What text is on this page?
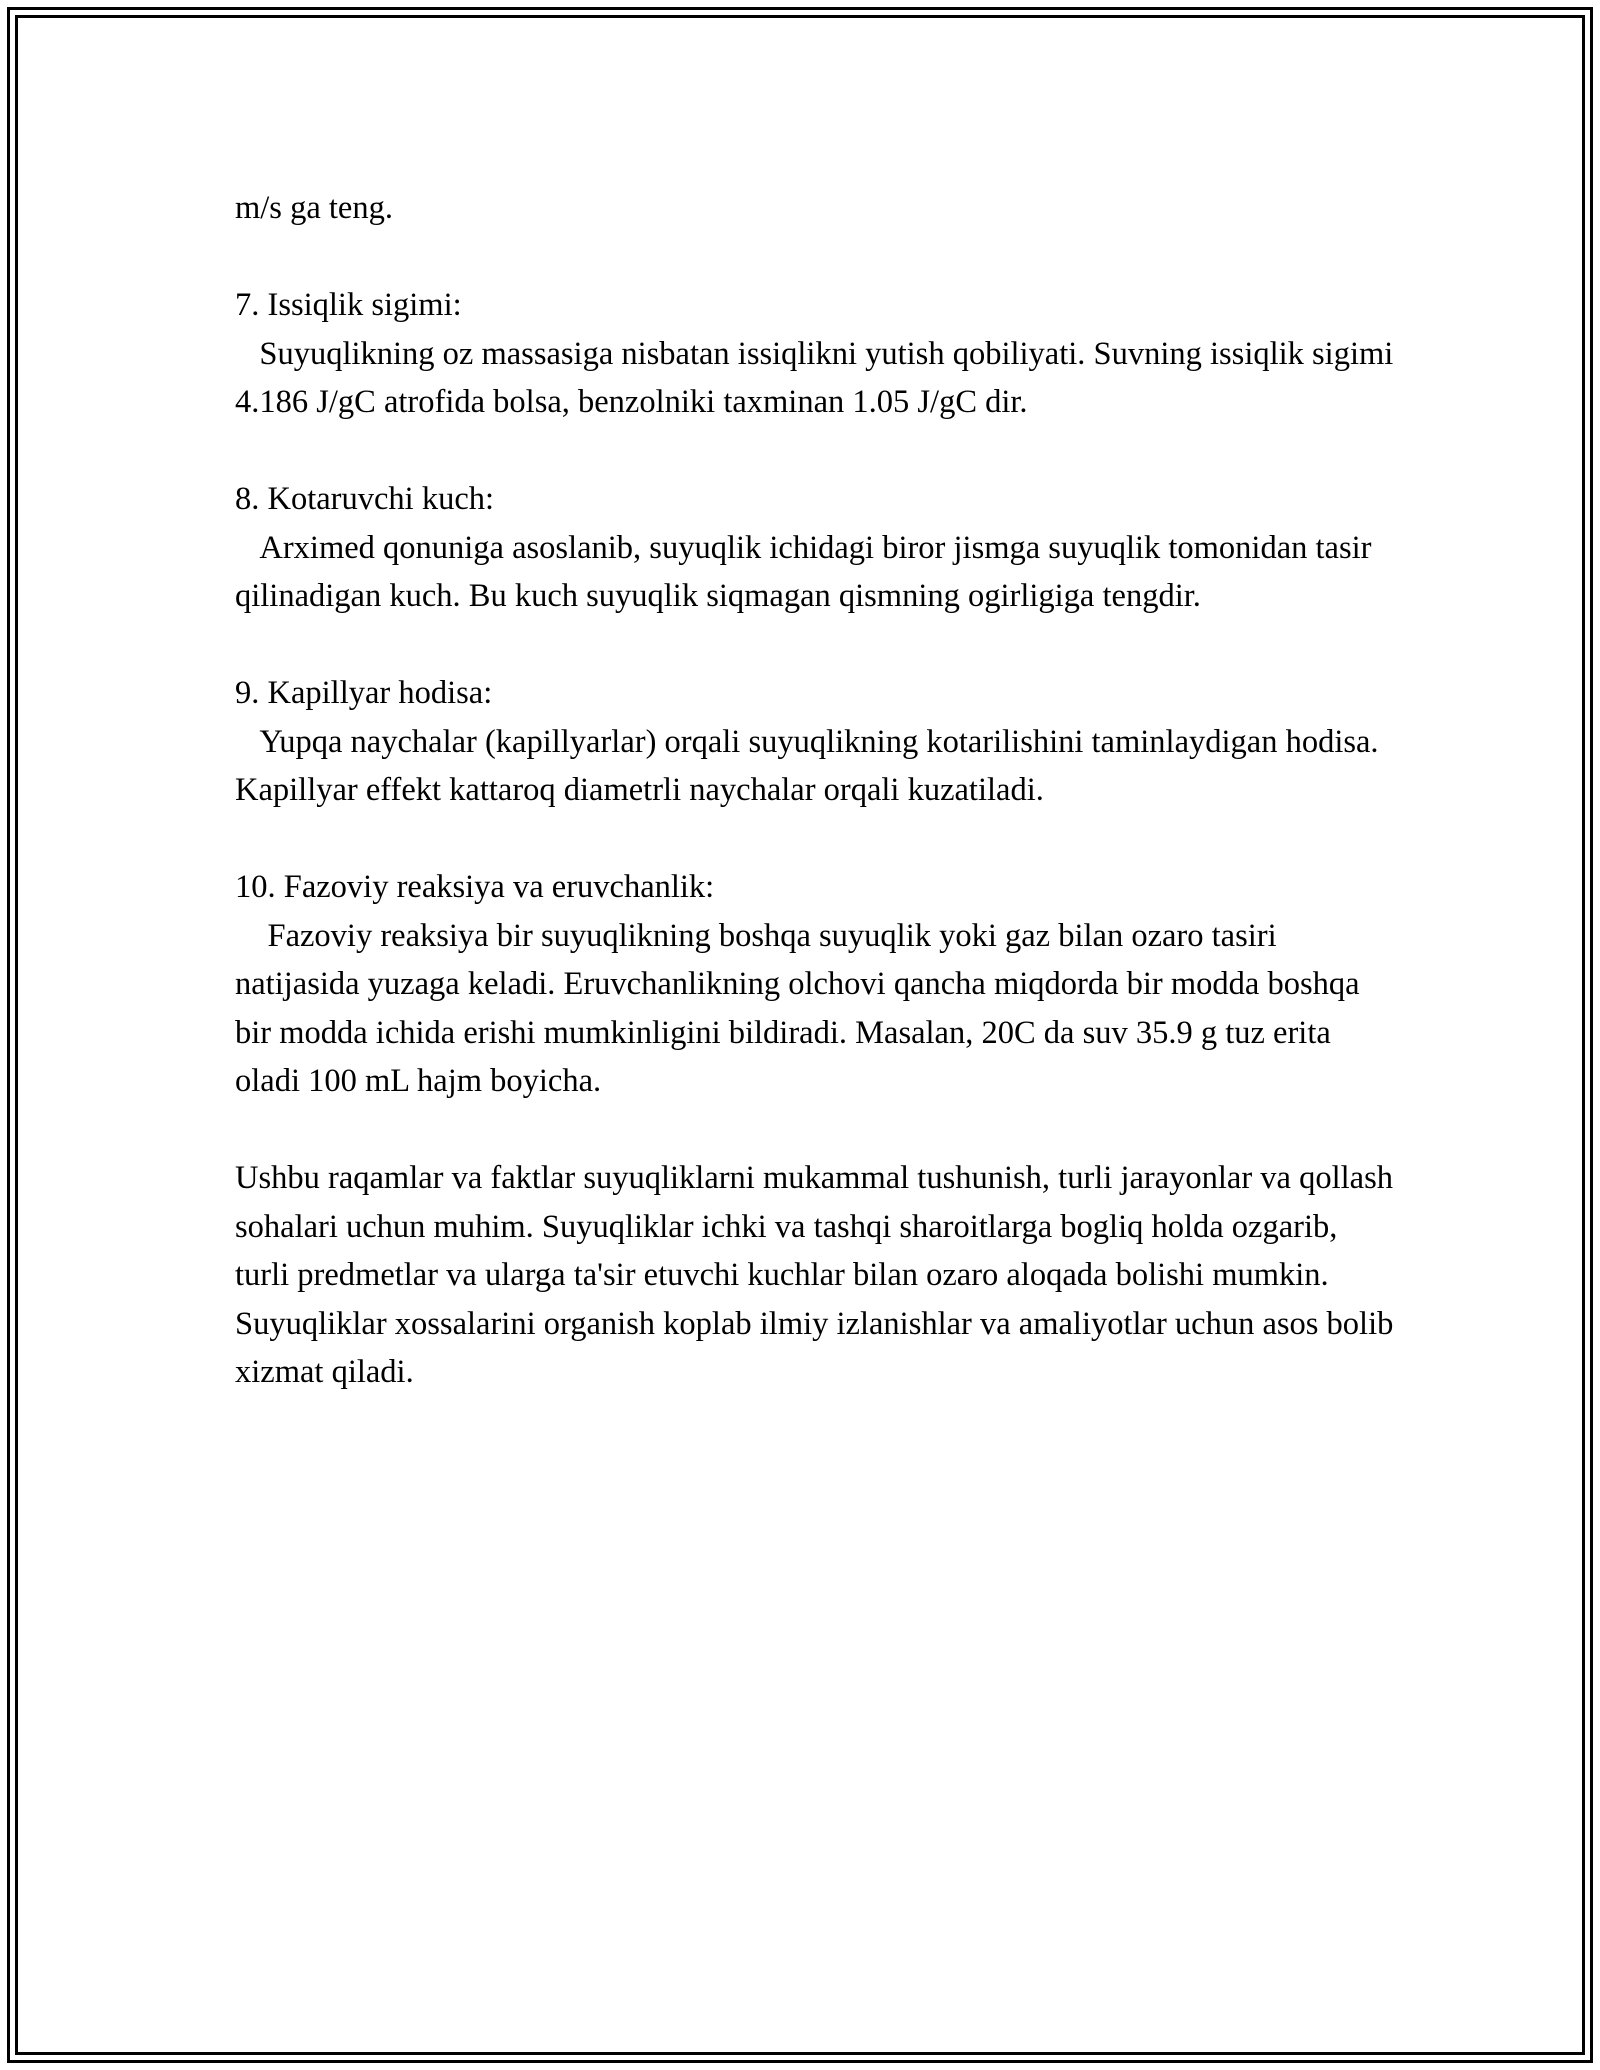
m/s ga teng.

7. Issiqlik sigimi:

Suyuqlikning oz massasiga nisbatan issiqlikni yutish qobiliyati. Suvning issiqlik sigimi 4.186 J/gC atrofida bolsa, benzolniki taxminan 1.05 J/gC dir.

8. Kotaruvchi kuch:

Arximed qonuniga asoslanib, suyuqlik ichidagi biror jismga suyuqlik tomonidan tasir qilinadigan kuch. Bu kuch suyuqlik siqmagan qismning ogirligiga tengdir.

9. Kapillyar hodisa:

Yupqa naychalar (kapillyarlar) orqali suyuqlikning kotarilishini taminlaydigan hodisa. Kapillyar effekt kattaroq diametrli naychalar orqali kuzatiladi.

10. Fazoviy reaksiya va eruvchanlik:

Fazoviy reaksiya bir suyuqlikning boshqa suyuqlik yoki gaz bilan ozaro tasiri natijasida yuzaga keladi. Eruvchanlikning olchovi qancha miqdorda bir modda boshqa bir modda ichida erishi mumkinligini bildiradi. Masalan, 20C da suv 35.9 g tuz erita oladi 100 mL hajm boyicha.

Ushbu raqamlar va faktlar suyuqliklarni mukammal tushunish, turli jarayonlar va qollash sohalari uchun muhim. Suyuqliklar ichki va tashqi sharoitlarga bogliq holda ozgarib, turli predmetlar va ularga ta'sir etuvchi kuchlar bilan ozaro aloqada bolishi mumkin. Suyuqliklar xossalarini organish koplab ilmiy izlanishlar va amaliyotlar uchun asos bolib xizmat qiladi.
